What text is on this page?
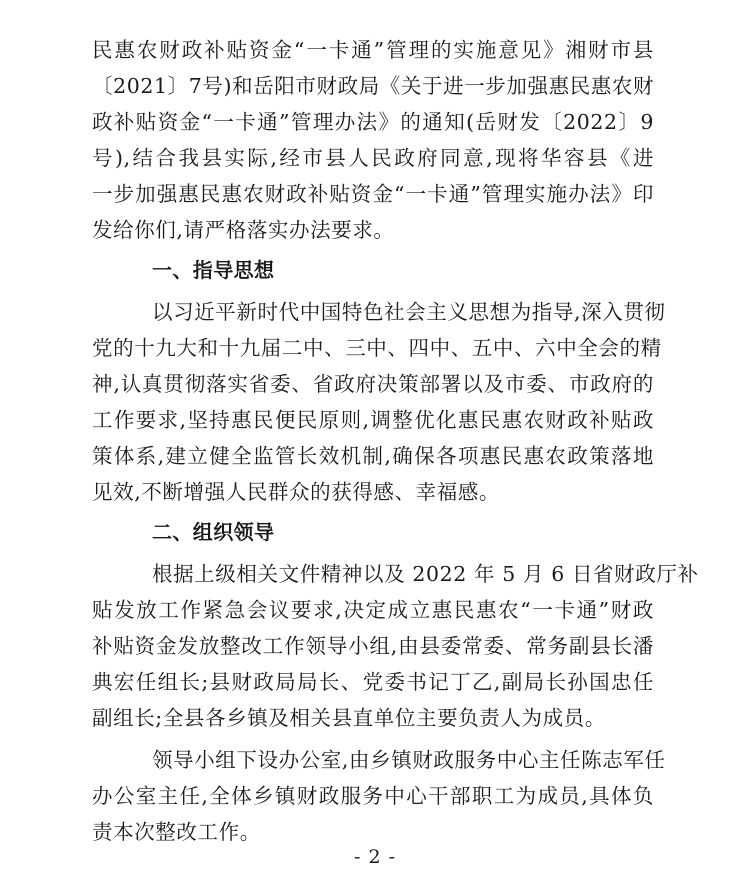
民惠农财政补贴资金“一卡通”管理的实施意见》湘财市县
〔2021〕7号)和岳阳市财政局《关于进一步加强惠民惠农财
政补贴资金“一卡通”管理办法》的通知(岳财发〔2022〕9
号),结合我县实际,经市县人民政府同意,现将华容县《进
一步加强惠民惠农财政补贴资金“一卡通”管理实施办法》印
发给你们,请严格落实办法要求。
一、指导思想
以习近平新时代中国特色社会主义思想为指导,深入贯彻
党的十九大和十九届二中、三中、四中、五中、六中全会的精
神,认真贯彻落实省委、省政府决策部署以及市委、市政府的
工作要求,坚持惠民便民原则,调整优化惠民惠农财政补贴政
策体系,建立健全监管长效机制,确保各项惠民惠农政策落地
见效,不断增强人民群众的获得感、幸福感。
二、组织领导
根据上级相关文件精神以及 2022 年 5 月 6 日省财政厅补
贴发放工作紧急会议要求,决定成立惠民惠农“一卡通”财政
补贴资金发放整改工作领导小组,由县委常委、常务副县长潘
典宏任组长;县财政局局长、党委书记丁乙,副局长孙国忠任
副组长;全县各乡镇及相关县直单位主要负责人为成员。
领导小组下设办公室,由乡镇财政服务中心主任陈志军任
办公室主任,全体乡镇财政服务中心干部职工为成员,具体负
责本次整改工作。
- 2 -
